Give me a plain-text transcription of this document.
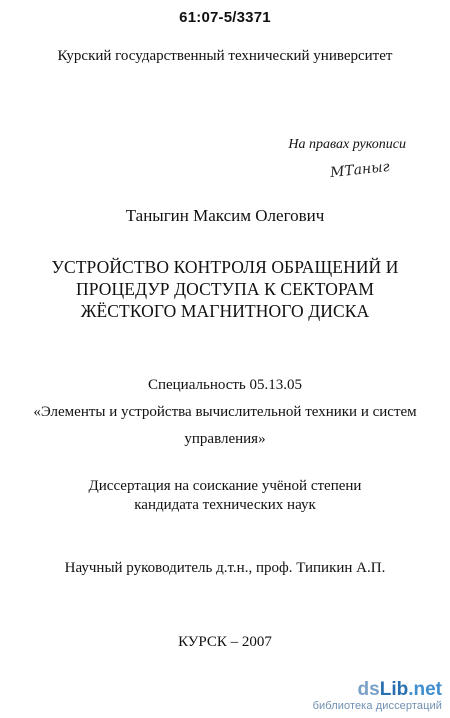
61:07-5/3371
Курский государственный технический университет
На правах рукописи
МТаныг
Таныгин Максим Олегович
УСТРОЙСТВО КОНТРОЛЯ ОБРАЩЕНИЙ И
ПРОЦЕДУР ДОСТУПА К СЕКТОРАМ
ЖЁСТКОГО МАГНИТНОГО ДИСКА
Специальность 05.13.05
«Элементы и устройства вычислительной техники и систем
управления»
Диссертация на соискание учёной степени
кандидата технических наук
Научный руководитель д.т.н., проф. Типикин А.П.
КУРСК – 2007
dsLib.net
библиотека диссертаций
